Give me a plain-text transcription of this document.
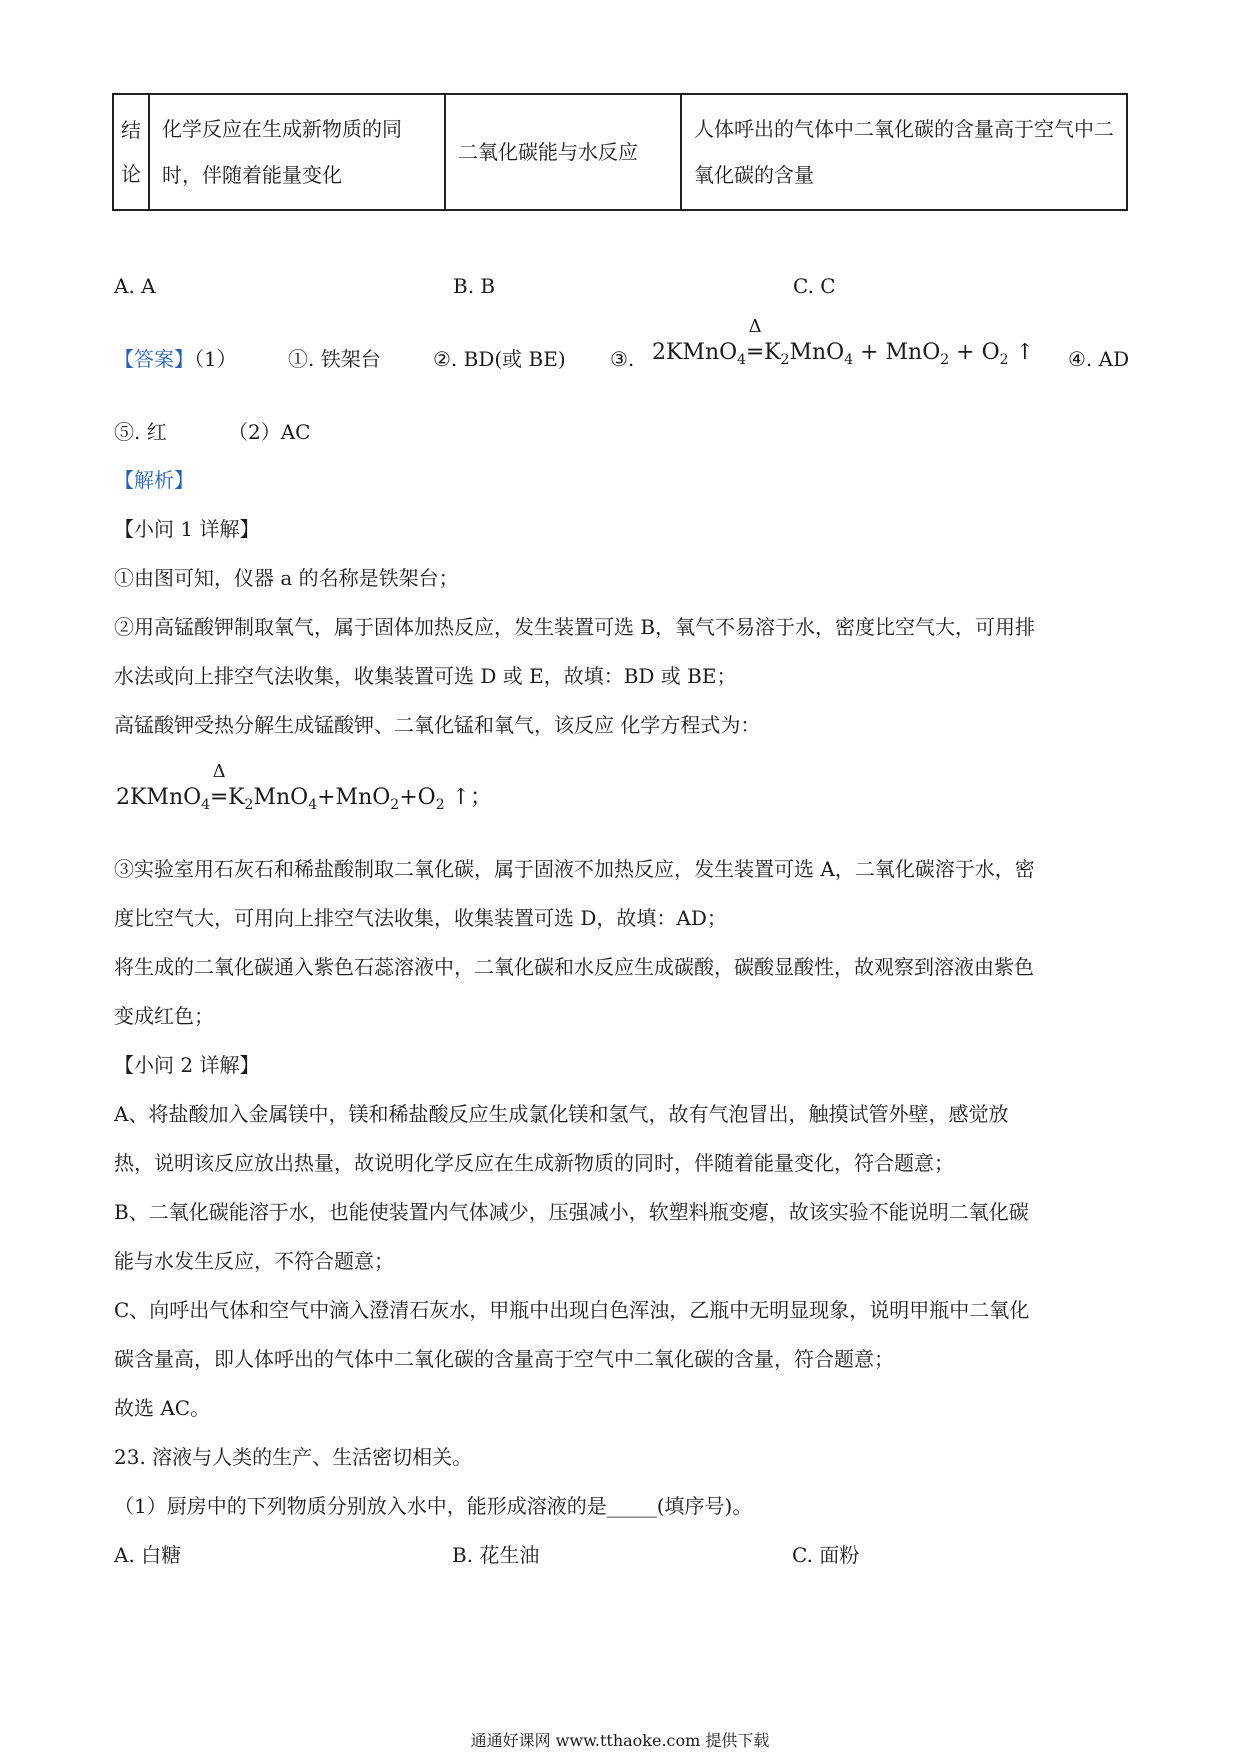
结论	化学反应在生成新物质的同时，伴随着能量变化	二氧化碳能与水反应	人体呼出的气体中二氧化碳的含量高于空气中二氧化碳的含量
A. A	B. B	C. C
【答案】（1）	①. 铁架台	②. BD(或 BE) ③. 2KMnO$_4$
Δ
═ $K_2MnO_4 + MnO_2 + O_2$ ↑ ④. AD
⑤. 红	（2）AC
【解析】
【小问 1 详解】
①由图可知，仪器 a 的名称是铁架台；
②用高锰酸钾制取氧气，属于固体加热反应，发生装置可选 B，氧气不易溶于水，密度比空气大，可用排
水法或向上排空气法收集，收集装置可选 D 或 E，故填：BD 或 BE；
高锰酸钾受热分解生成锰酸钾、二氧化锰和氧气，该反应 化学方程式为：
2KMnO$_4$
Δ
═ $K_2MnO_4+MnO_2+O_2$ ↑；
③实验室用石灰石和稀盐酸制取二氧化碳，属于固液不加热反应，发生装置可选 A，二氧化碳溶于水，密
度比空气大，可用向上排空气法收集，收集装置可选 D，故填：AD；
将生成的二氧化碳通入紫色石蕊溶液中，二氧化碳和水反应生成碳酸，碳酸显酸性，故观察到溶液由紫色
变成红色；
【小问 2 详解】
A、将盐酸加入金属镁中，镁和稀盐酸反应生成氯化镁和氢气，故有气泡冒出，触摸试管外壁，感觉放
热，说明该反应放出热量，故说明化学反应在生成新物质的同时，伴随着能量变化，符合题意；
B、二氧化碳能溶于水，也能使装置内气体减少，压强减小，软塑料瓶变瘪，故该实验不能说明二氧化碳
能与水发生反应，不符合题意；
C、向呼出气体和空气中滴入澄清石灰水，甲瓶中出现白色浑浊，乙瓶中无明显现象，说明甲瓶中二氧化
碳含量高，即人体呼出的气体中二氧化碳的含量高于空气中二氧化碳的含量，符合题意；
故选 AC。
23. 溶液与人类的生产、生活密切相关。
（1）厨房中的下列物质分别放入水中，能形成溶液的是_____(填序号)。
A. 白糖	B. 花生油	C. 面粉
通通好课网 www.tthaoke.com 提供下载
